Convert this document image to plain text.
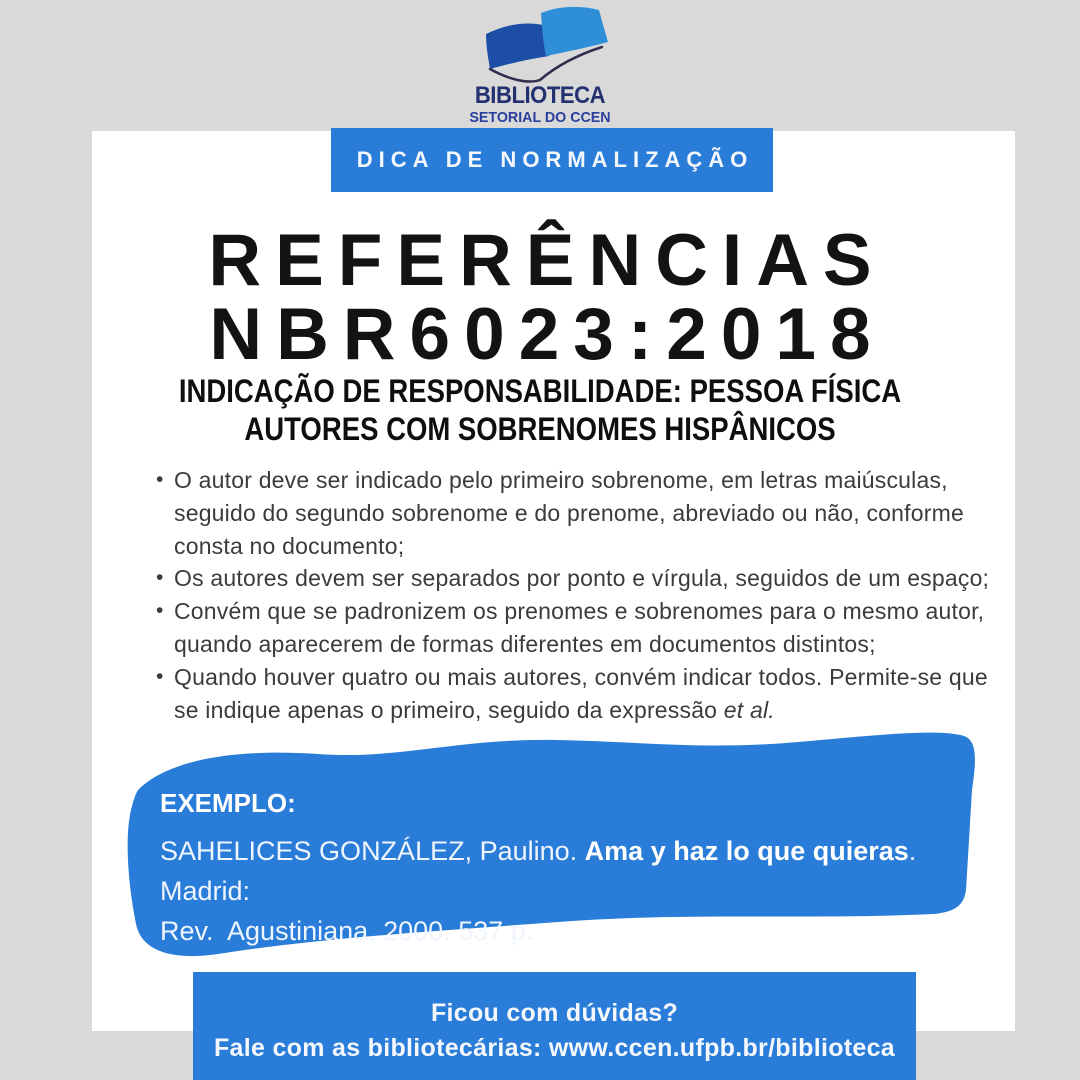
BIBLIOTECA
SETORIAL DO CCEN
DICA DE NORMALIZAÇÃO
REFERÊNCIAS
NBR6023:2018
INDICAÇÃO DE RESPONSABILIDADE: PESSOA FÍSICA
AUTORES COM SOBRENOMES HISPÂNICOS
• O autor deve ser indicado pelo primeiro sobrenome, em letras maiúsculas, seguido do segundo sobrenome e do prenome, abreviado ou não, conforme consta no documento;
• Os autores devem ser separados por ponto e vírgula, seguidos de um espaço;
• Convém que se padronizem os prenomes e sobrenomes para o mesmo autor, quando aparecerem de formas diferentes em documentos distintos;
• Quando houver quatro ou mais autores, convém indicar todos. Permite-se que se indique apenas o primeiro, seguido da expressão et al.
EXEMPLO:
SAHELICES GONZÁLEZ, Paulino. Ama y haz lo que quieras. Madrid:
Rev.  Agustiniana, 2000. 537 p.
Ficou com dúvidas?
Fale com as bibliotecárias: www.ccen.ufpb.br/biblioteca
